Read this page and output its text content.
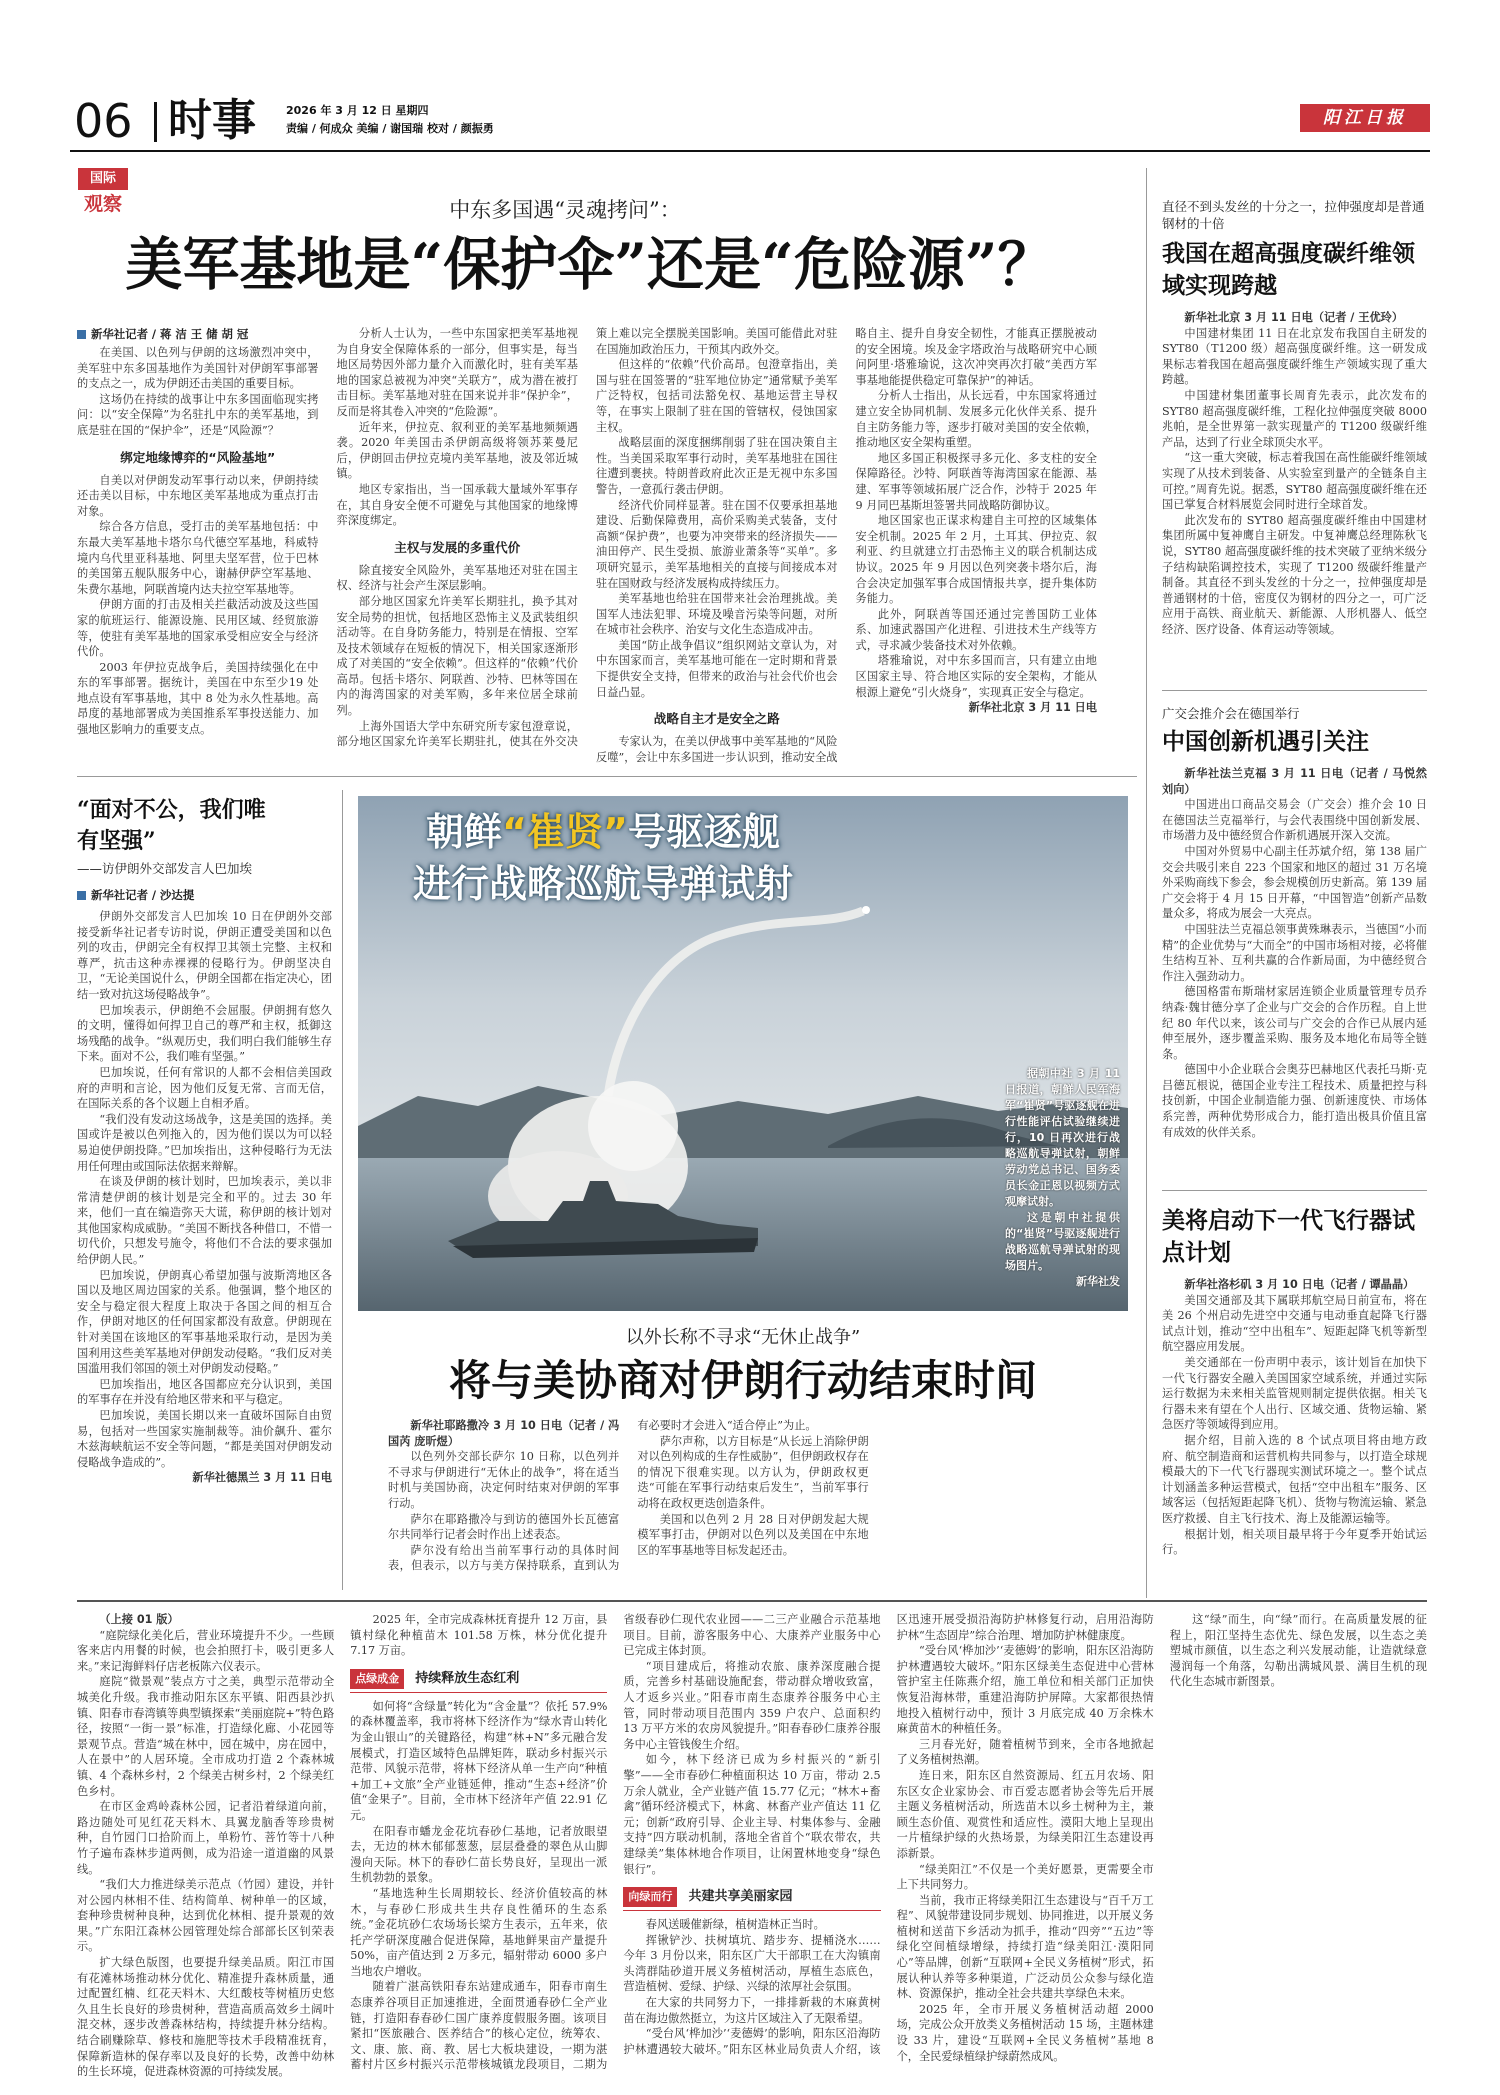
06 时事	2026 年 3 月 12 日 星期四
责编 / 何成众 美编 / 谢国瑞 校对 / 颜振勇
阳江日报
国际
观察	中东多国遇“灵魂拷问”：
美军基地是“保护伞”还是“危险源”？
新华社记者 / 蒋 洁 王 储 胡 冠

在美国、以色列与伊朗的这场激烈冲突中，美军驻中东多国基地作为美国针对伊朗军事部署的支点之一，成为伊朗还击美国的重要目标。

这场仍在持续的战事让中东多国面临现实拷问：以“安全保障”为名驻扎中东的美军基地，到底是驻在国的“保护伞”，还是“风险源”？

绑定地缘博弈的“风险基地”

自美以对伊朗发动军事行动以来，伊朗持续还击美以目标，中东地区美军基地成为重点打击对象。

综合各方信息，受打击的美军基地包括：中东最大美军基地卡塔尔乌代德空军基地，科威特境内乌代里亚科基地、阿里夫坚军营，位于巴林的美国第五舰队服务中心，谢赫伊萨空军基地、朱费尔基地，阿联酋境内达夫拉空军基地等。

伊朗方面的打击及相关拦截活动波及这些国家的航班运行、能源设施、民用区域、经贸旅游等，使驻有美军基地的国家承受相应安全与经济代价。

2003 年伊拉克战争后，美国持续强化在中东的军事部署。据统计，美国在中东至少19 处地点设有军事基地，其中 8 处为永久性基地。高昂度的基地部署成为美国推系军事投送能力、加强地区影响力的重要支点。

分析人士认为，一些中东国家把美军基地视为自身安全保障体系的一部分，但事实是，每当地区局势因外部力量介入而激化时，驻有美军基地的国家总被视为冲突“关联方”，成为潜在被打击目标。美军基地对驻在国来说并非“保护伞”，反而是将其卷入冲突的“危险源”。

近年来，伊拉克、叙利亚的美军基地频频遇袭。2020 年美国击杀伊朗高级将领苏莱曼尼后，伊朗回击伊拉克境内美军基地，波及邻近城镇。

地区专家指出，当一国承载大量域外军事存在，其自身安全便不可避免与其他国家的地缘博弈深度绑定。

主权与发展的多重代价

除直接安全风险外，美军基地还对驻在国主权、经济与社会产生深层影响。

部分地区国家允许美军长期驻扎，换予其对安全局势的担忧，包括地区恐怖主义及武装组织活动等。在自身防务能力，特别是在情报、空军及技术领域存在短板的情况下，相关国家逐渐形成了对美国的“安全依赖”。但这样的“依赖”代价高昂。包括卡塔尔、阿联酋、沙特、巴林等国在内的海湾国家的对美军购，多年来位居全球前列。

上海外国语大学中东研究所专家包澄章说，部分地区国家允许美军长期驻扎，使其在外交决策上难以完全摆脱美国影响。美国可能借此对驻在国施加政治压力，干预其内政外交。

但这样的“依赖”代价高昂。包澄章指出，美国与驻在国签署的“驻军地位协定”通常赋予美军广泛特权，包括司法豁免权、基地运营主导权等，在事实上限制了驻在国的管辖权，侵蚀国家主权。

战略层面的深度捆绑削弱了驻在国决策自主性。当美国采取军事行动时，美军基地驻在国往往遭到裹挟。特朗普政府此次正是无视中东多国警告，一意孤行袭击伊朗。

经济代价同样显著。驻在国不仅要承担基地建设、后勤保障费用，高价采购美式装备，支付高额“保护费”，也要为冲突带来的经济损失——油田停产、民生受损、旅游业萧条等“买单”。多项研究显示，美军基地相关的直接与间接成本对驻在国财政与经济发展构成持续压力。

美军基地也给驻在国带来社会治理挑战。美国军人违法犯罪、环境及噪音污染等问题，对所在城市社会秩序、治安与文化生态造成冲击。

美国“防止战争倡议”组织网站文章认为，对中东国家而言，美军基地可能在一定时期和背景下提供安全支持，但带来的政治与社会代价也会日益凸显。

战略自主才是安全之路

专家认为，在美以伊战事中美军基地的“风险反噬”，会让中东多国进一步认识到，推动安全战略自主、提升自身安全韧性，才能真正摆脱被动的安全困境。埃及金字塔政治与战略研究中心顾问阿里·塔雅瑜说，这次冲突再次打破“美西方军事基地能提供稳定可靠保护”的神话。

分析人士指出，从长远看，中东国家将通过建立安全协同机制、发展多元化伙伴关系、提升自主防务能力等，逐步打破对美国的安全依赖，推动地区安全架构重塑。

地区多国正积极探寻多元化、多支柱的安全保障路径。沙特、阿联酋等海湾国家在能源、基建、军事等领域拓展广泛合作，沙特于 2025 年 9 月同巴基斯坦签署共同战略防御协议。

地区国家也正谋求构建自主可控的区域集体安全机制。2025 年 2 月，土耳其、伊拉克、叙利亚、约旦就建立打击恐怖主义的联合机制达成协议。2025 年 9 月因以色列突袭卡塔尔后，海合会决定加强军事合成国情报共享，提升集体防务能力。

此外，阿联酋等国还通过完善国防工业体系、加速武器国产化进程、引进技术生产线等方式，寻求减少装备技术对外依赖。

塔雅瑜说，对中东多国而言，只有建立由地区国家主导、符合地区实际的安全架构，才能从根源上避免“引火烧身”，实现真正安全与稳定。

新华社北京 3 月 11 日电

直径不到头发丝的十分之一，拉伸强度却是普通钢材的十倍
我国在超高强度碳纤维领域实现跨越

新华社北京 3 月 11 日电（记者 / 王优玲）

中国建材集团 11 日在北京发布我国自主研发的 SYT80（T1200 级）超高强度碳纤维。这一研发成果标志着我国在超高强度碳纤维生产领域实现了重大跨越。

中国建材集团董事长周育先表示，此次发布的 SYT80 超高强度碳纤维，工程化拉伸强度突破 8000 兆帕，是全世界第一款实现量产的 T1200 级碳纤维产品，达到了行业全球顶尖水平。

“这一重大突破，标志着我国在高性能碳纤维领域实现了从技术到装备、从实验室到量产的全链条自主可控。”周育先说。据悉，SYT80 超高强度碳纤维在还国已掌复合材料展览会同时进行全球首发。

此次发布的 SYT80 超高强度碳纤维由中国建材集团所属中复神鹰自主研发。中复神鹰总经理陈秋飞说，SYT80 超高强度碳纤维的技术突破了亚纳米级分子结构缺陷调控技术，实现了 T1200 级碳纤维量产制备。其直径不到头发丝的十分之一，拉伸强度却是普通钢材的十倍，密度仅为钢材的四分之一，可广泛应用于高铁、商业航天、新能源、人形机器人、低空经济、医疗设备、体育运动等领域。

广交会推介会在德国举行
中国创新机遇引关注

新华社法兰克福 3 月 11 日电（记者 / 马悦然 刘向）

中国进出口商品交易会（广交会）推介会 10 日在德国法兰克福举行，与会代表围绕中国创新发展、市场潜力及中德经贸合作新机遇展开深入交流。

中国对外贸易中心副主任苏斌介绍，第 138 届广交会共吸引来自 223 个国家和地区的超过 31 万名境外采购商线下参会，参会规模创历史新高。第 139 届广交会将于 4 月 15 日开幕，“中国智造”创新产品数量众多，将成为展会一大亮点。

中国驻法兰克福总领事黄殊琳表示，当德国“小而精”的企业优势与“大而全”的中国市场相对接，必将催生结构互补、互利共赢的合作新局面，为中德经贸合作注入强劲动力。

德国格雷布斯瑞材家居连锁企业质量管理专员乔纳森·魏甘德分享了企业与广交会的合作历程。自上世纪 80 年代以来，该公司与广交会的合作已从展内延伸至展外，逐步覆盖采购、服务及本地化布局等全链条。

德国中小企业联合会奥芬巴赫地区代表托马斯·克吕德瓦根说，德国企业专注工程技术、质量把控与科技创新，中国企业制造能力强、创新速度快、市场体系完善，两种优势形成合力，能打造出极具价值且富有成效的伙伴关系。

美将启动下一代飞行器试点计划

新华社洛杉矶 3 月 10 日电（记者 / 谭晶晶）

美国交通部及其下属联邦航空局日前宣布，将在美 26 个州启动先进空中交通与电动垂直起降飞行器试点计划，推动“空中出租车”、短距起降飞机等新型航空器应用发展。

美交通部在一份声明中表示，该计划旨在加快下一代飞行器安全融入美国国家空域系统，并通过实际运行数据为未来相关监管规则制定提供依据。相关飞行器未来有望在个人出行、区域交通、货物运输、紧急医疗等领域得到应用。

据介绍，目前入选的 8 个试点项目将由地方政府、航空制造商和运营机构共同参与，以打造全球规模最大的下一代飞行器现实测试环境之一。整个试点计划涵盖多种运营模式，包括“空中出租车”服务、区域客运（包括短距起降飞机）、货物与物流运输、紧急医疗救援、自主飞行技术、海上及能源运输等。

根据计划，相关项目最早将于今年夏季开始试运行。

“面对不公，我们唯有坚强”
——访伊朗外交部发言人巴加埃
新华社记者 / 沙达提

伊朗外交部发言人巴加埃 10 日在伊朗外交部接受新华社记者专访时说，伊朗正遭受美国和以色列的攻击，伊朗完全有权捍卫其领土完整、主权和尊严，抗击这种赤裸裸的侵略行为。伊朗坚决自卫，“无论美国说什么，伊朗全国都在指定决心，团结一致对抗这场侵略战争”。

巴加埃表示，伊朗绝不会屈服。伊朗拥有悠久的文明，懂得如何捍卫自己的尊严和主权，抵御这场残酷的战争。“纵观历史，我们明白我们能够生存下来。面对不公，我们唯有坚强。”

巴加埃说，任何有常识的人都不会相信美国政府的声明和言论，因为他们反复无常、言而无信，在国际关系的各个议题上自相矛盾。

“我们没有发动这场战争，这是美国的选择。美国或许是被以色列拖入的，因为他们误以为可以轻易迫使伊朗投降。”巴加埃指出，这种侵略行为无法用任何理由或国际法依据来辩解。

在谈及伊朗的核计划时，巴加埃表示，美以非常清楚伊朗的核计划是完全和平的。过去 30 年来，他们一直在编造弥天大谎，称伊朗的核计划对其他国家构成威胁。“美国不断找各种借口，不惜一切代价，只想发号施令，将他们不合法的要求强加给伊朗人民。”

巴加埃说，伊朗真心希望加强与波斯湾地区各国以及地区周边国家的关系。他强调，整个地区的安全与稳定很大程度上取决于各国之间的相互合作，伊朗对地区的任何国家都没有敌意。伊朗现在针对美国在该地区的军事基地采取行动，是因为美国利用这些美军基地对伊朗发动侵略。“我们反对美国滥用我们邻国的领土对伊朗发动侵略。”

巴加埃指出，地区各国都应充分认识到，美国的军事存在并没有给地区带来和平与稳定。

巴加埃说，美国长期以来一直破坏国际自由贸易，包括对一些国家实施制裁等。油价飙升、霍尔木兹海峡航运不安全等问题，“都是美国对伊朗发动侵略战争造成的”。

新华社德黑兰 3 月 11 日电

朝鲜“崔贤”号驱逐舰
进行战略巡航导弹试射
据朝中社 3 月 11 日报道，朝鲜人民军海军“崔贤”号驱逐舰在进行性能评估试验继续进行，10 日再次进行战略巡航导弹试射，朝鲜劳动党总书记、国务委员长金正恩以视频方式观摩试射。
这是朝中社提供的“崔贤”号驱逐舰进行战略巡航导弹试射的现场图片。
新华社发
以外长称不寻求“无休止战争”
将与美协商对伊朗行动结束时间

新华社耶路撒冷 3 月 10 日电（记者 / 冯国芮 庞昕煜）

以色列外交部长萨尔 10 日称，以色列并不寻求与伊朗进行“无休止的战争”，将在适当时机与美国协商，决定何时结束对伊朗的军事行动。

萨尔在耶路撒冷与到访的德国外长瓦德富尔共同举行记者会时作出上述表态。

萨尔没有给出当前军事行动的具体时间表，但表示，以方与美方保持联系，直到认为有必要时才会进入“适合停止”为止。

萨尔声称，以方目标是“从长远上消除伊朗对以色列构成的生存性威胁”，但伊朗政权存在的情况下很难实现。以方认为，伊朗政权更迭“可能在军事行动结束后发生”，当前军事行动将在政权更迭创造条件。

美国和以色列 2 月 28 日对伊朗发起大规模军事打击，伊朗对以色列以及美国在中东地区的军事基地等目标发起还击。

（上接 01 版）

“庭院绿化美化后，营业环境提升不少。一些顾客来店内用餐的时候，也会拍照打卡，吸引更多人来。”来记海鲜料仔店老板陈六仪表示。

庭院“微景观”装点方寸之美，典型示范带动全城美化升级。我市推动阳东区东平镇、阳西县沙扒镇、阳春市春湾镇等典型镇探索“美丽庭院+”特色路径，按照“一街一景”标准，打造绿化廊、小花园等景观节点。营造“城在林中，园在城中，房在园中，人在景中”的人居环境。全市成功打造 2 个森林城镇、4 个森林乡村，2 个绿美古树乡村，2 个绿美红色乡村。

在市区金鸡岭森林公园，记者沿着绿道向前，路边随处可见红花天料木、具翼龙脑香等珍贵树种，自竹园门口拾阶而上，单粉竹、菩竹等十八种竹子遍布森林步道两侧，成为沿途一道道幽的风景线。

“我们大力推进绿美示范点（竹园）建设，并针对公园内林相不佳、结构简单、树种单一的区域，套种珍贵树种良种，达到优化林相、提升景观的效果。”广东阳江森林公园管理处综合部部长区钊荣表示。

扩大绿色版图，也要提升绿美品质。阳江市国有花滩林场推动林分优化、精准提升森林质量，通过配置红楠、红花天料木、大红酸枝等树植历史悠久且生长良好的珍贵树种，营造高质高效乡土阔叶混交林，逐步改善森林结构，持续提升林分结构。结合刷赚除草、修枝和施肥等技术手段精准抚育，保障新造林的保存率以及良好的长势，改善中幼林的生长环境，促进森林资源的可持续发展。

2025 年，全市完成森林抚育提升 12 万亩，县镇村绿化种植苗木 101.58 万株，林分优化提升 7.17 万亩。

点绿成金 持续释放生态红利

如何将“含绿量”转化为“含金量”？依托 57.9% 的森林覆盖率，我市将林下经济作为“绿水青山转化为金山银山”的关键路径，构建“林+N”多元融合发展模式，打造区域特色品牌矩阵，联动乡村振兴示范带、风貌示范带，将林下经济从单一生产向“种植+加工+文旅”全产业链延伸，推动“生态+经济”价值“金果子”。目前，全市林下经济年产值 22.91 亿元。

在阳春市蟠龙金花坑春砂仁基地，记者放眼望去，无边的林木郁郁葱葱，层层叠叠的翠色从山脚漫向天际。林下的春砂仁苗长势良好，呈现出一派生机勃勃的景象。

“基地选种生长周期较长、经济价值较高的林木，与春砂仁形成共生共存良性循环的生态系统。”金花坑砂仁农场场长梁方生表示，五年来，依托产学研深度融合促进保障，基地鲜果亩产量提升 50%，亩产值达到 2 万多元，辐射带动 6000 多户当地农户增收。

随着广湛高铁阳春东站建成通车，阳春市南生态康养谷项目正加速推进，全面贯通春砂仁全产业链，打造阳春春砂仁国广康养度假服务圈。该项目紧扣“医旅融合、医养结合”的核心定位，统筹农、文、康、旅、商、教、居七大板块建设，一期为湛蓄村片区乡村振兴示范带核城镇龙段项目，二期为省级春砂仁现代农业园——二三产业融合示范基地项目。目前，游客服务中心、大康养产业服务中心已完成主体封顶。

“项目建成后，将推动农旅、康养深度融合提质，完善乡村基础设施配套，带动群众增收致富，人才返乡兴业。”阳春市南生态康养谷服务中心主管，同时带动项目范围内 359 户农户、总面积约 13 万平方米的农房风貌提升。”阳春春砂仁康养谷服务中心主管钱俊生介绍。

如今，林下经济已成为乡村振兴的“新引擎”——全市春砂仁种植面积达 10 万亩，带动 2.5 万余人就业，全产业链产值 15.77 亿元；“林木+畜禽”循环经济模式下，林禽、林畜产业产值达 11 亿元；创新“政府引导、企业主导、村集体参与、金融支持”四方联动机制，落地全省首个“联农带农，共建绿美”集体林地合作项目，让闲置林地变身“绿色银行”。

向绿而行 共建共享美丽家园

春风送暖催新绿，植树造林正当时。

挥锹铲沙、扶树填坑、踏步夯、提桶浇水……今年 3 月份以来，阳东区广大干部职工在大沟镇南头湾群陆砂道开展义务植树活动，厚植生态底色，营造植树、爱绿、护绿、兴绿的浓厚社会氛围。

在大家的共同努力下，一排排新栽的木麻黄树苗在海边傲然挺立，为这片区域注入了无限希望。

“受台风‘桦加沙’‘麦德姆’的影响，阳东区沿海防护林遭遇较大破坏。”阳东区林业局负责人介绍，该区迅速开展受损沿海防护林修复行动，启用沿海防护林“生态固岸”综合治理、增加防护林健康度。

“受台风‘桦加沙’‘麦德姆’的影响，阳东区沿海防护林遭遇较大破坏。”阳东区绿美生态促进中心营林管护室主任陈燕介绍，施工单位和相关部门正加快恢复沿海林带，重建沿海防护屏障。大家都很热情地投入植树行动中，预计 3 月底完成 40 万余株木麻黄苗木的种植任务。

三月春光好，随着植树节到来，全市各地掀起了义务植树热潮。

连日来，阳东区自然资源局、红五月农场、阳东区女企业家协会、市百爱志愿者协会等先后开展主题义务植树活动，所选苗木以乡土树种为主，兼顾生态价值、观赏性和适应性。漠阳大地上呈现出一片植绿护绿的火热场景，为绿美阳江生态建设再添新景。

“绿美阳江”不仅是一个美好愿景，更需要全市上下共同努力。

当前，我市正将绿美阳江生态建设与“百千万工程”、风貌带建设同步规划、协同推进，以开展义务植树和送苗下乡活动为抓手，推动“四旁”“五边”等绿化空间植绿增绿，持续打造“绿美阳江·漠阳同心”等品牌，创新“互联网+全民义务植树”形式，拓展认种认养等多种渠道，广泛动员公众参与绿化造林、资源保护，推动全社会共建共享绿色未来。

2025 年，全市开展义务植树活动超 2000 场，完成公众开放类义务植树活动 15 场，主题林建设 33 片，建设“互联网+全民义务植树”基地 8 个，全民爱绿植绿护绿蔚然成风。

这“绿”而生，向“绿”而行。在高质量发展的征程上，阳江坚持生态优先、绿色发展，以生态之美塑城市颜值，以生态之利兴发展动能，让造就绿意漫润每一个角落，勾勒出满城风景、满目生机的现代化生态城市新图景。
